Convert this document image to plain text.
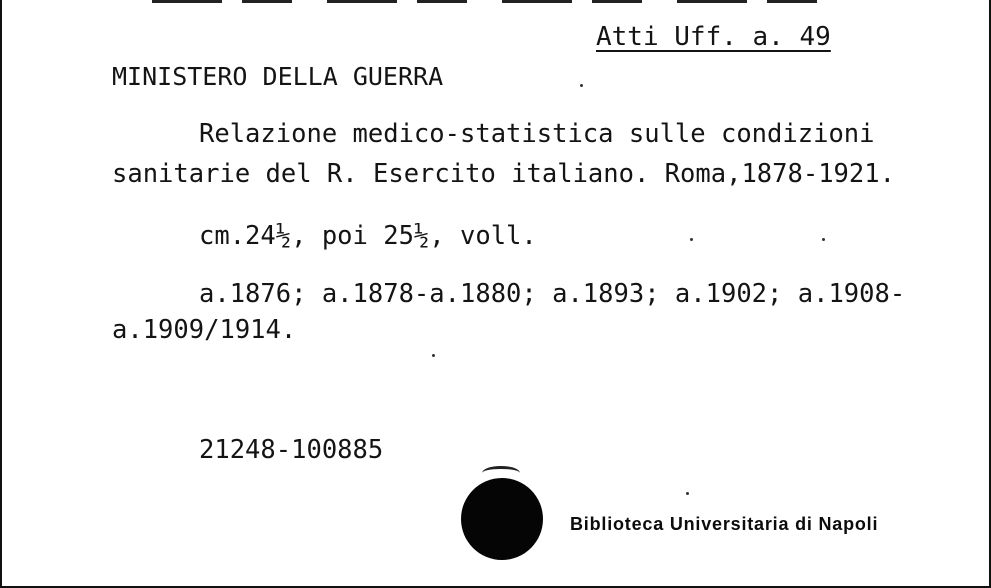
Atti Uff. a. 49

MINISTERO DELLA GUERRA

Relazione medico-statistica sulle condizioni

sanitarie del R. Esercito italiano. Roma,1878-1921.

cm.24½, poi 25½, voll.

a.1876; a.1878-a.1880; a.1893; a.1902; a.1908-

a.1909/1914.

21248-100885

Biblioteca Universitaria di Napoli
